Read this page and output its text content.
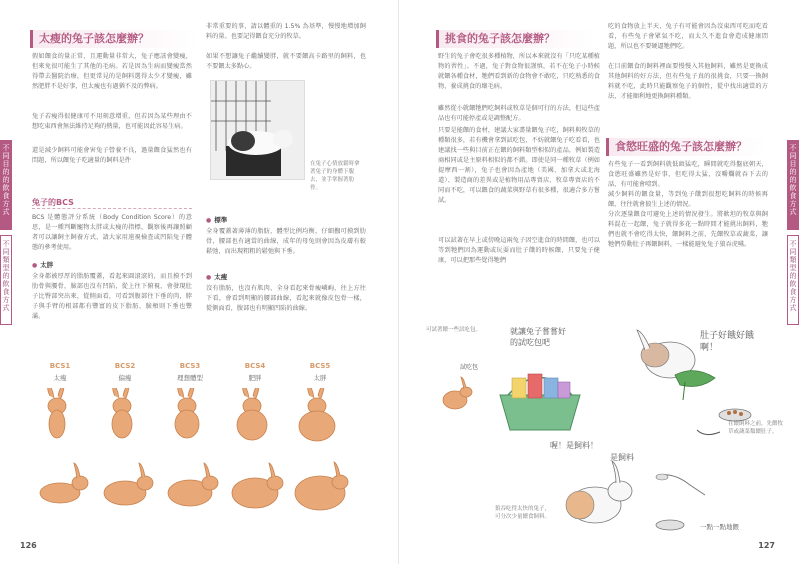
不同目的的飲食方式
不同類型的飲食方式
太瘦的兔子該怎麼辦？
假如餵食的量正常，且運動量非常大，兔子應該會變瘦，但來免很可能生了其他的毛病。若是因為生病而變瘦當然得帶去醫院治療，但更常見的是飼料選得太少才變瘦，雖然肥胖不是好事，但太瘦也有過猶不及的弊病。
兔子若瘦得很健康可不用刻意增重，但若因為某些理由不想吃東西會無法維持足夠的熱量，也可能因此容易生病。
還是減少飼料可能會害兔子營養不良，過量餵食猛然也有問題，所以餵兔子吃適量的飼料是件
非常重要的事，請以體重的 1.5% 為基準，慢慢地增加飼料的量。也要記得餵食充分的牧草。
如果不想讓兔子繼續變胖，就不要餵高卡路里的飼料，也不要餵太多點心。
在兔子心情放鬆時拿著兔子的身體下腹去，並手掌握著肋骨。
兔子的BCS
BCS 是體態評分系統（Body Condition Score）的意思，是一種判斷寵物太胖或太瘦的指標，觀察後再讓照顧者可以讓飼主飼養方式，請大家用遠視檢查或凹陷兔子體態的參考使用。
● 太胖
全身都被厚厚的脂肪覆蓋，看起來圓滾滾的，而且摸不到肋骨與腰骨，臉部也沒有凹陷，從上往下俯視，會發現肚子比臀部突出來，從側面看，可看到腹部往下垂的肉，脖子與手臂的根部都有豐富的皮下脂肪，臉頰則下垂也豐滿。
● 標準
全身覆蓋著薄薄的脂肪，體型比例均衡，仔細撫可摸到肋骨，腰部也有適當的曲線，成年的母兔則會因為皮膚有較鬆弛，而出現粗粗的鬆弛與下垂。
● 太瘦
沒有脂肪，也沒有肌肉，全身看起來骨瘦嶙峋，往上方往下看，會看到明顯的腰部曲線，看起來就像皮包骨一樣，從側面看，腹部也有明顯凹陷的曲線。
BCS1	BCS2	BCS3	BCS4	BCS5
太瘦	偏瘦	理想體型	肥胖	太胖
126
不同目的的飲食方式
不同類型的飲食方式
挑食的兔子該怎麼辦？
野生的兔子會吃很多種植物，所以本來就沒有「只吃某種植物的習性」。不過，兔子對食物很謹慎，若不在兔子小時候就餵各種食材，牠們看到新的食物會不敢吃，只吃熟悉的食物，養成挑食的壞毛病。
雖然從小就餵牠們吃飼料或牧草是個可行的方法，但這些產品也有可能停產或是調整配方。
只要是能餵的食材，建議大家盡量餵兔子吃，飼料與牧草的種類很多，若有機會拿到試吃包，不妨就餵兔子吃看看，也建議找一些與目前正在餵的飼料類型相似的產品，例如製造商相同或是主原料相似的都不錯。即使是同一種牧草（例如提摩西一割），兔子也會因為產地（美國、加拿大或北海道）、製造商的差異或是植物用品專賣店、牧草專賣店的不同而不吃，可以餵食的蔬菜與野草有很多種，很適合多方嘗試。
可以試著在早上或傍晚這兩兔子因空進食的時間餵，也可以等到牠們因為運動或玩耍而肚子餓的時候餵，只要兔子健康，可以把那些覺得牠們
吃的食物放上半天，兔子有可能會因為沒東西可吃而吃看看，有些兔子會眾氣不吃，而太久不進食會造成健康問題，所以也不要硬逼牠們吃。
在目前餵食的飼料裡面要慢慢入其他飼料，雖然是更換成其他飼料的好方法，但有些兔子真的很挑食，只要一換飼料就不吃，此時只能觀察兔子的個性，從中找出適當的方法，才能順利地更換飼料種類。
食慾旺盛的兔子該怎麼辦？
有些兔子一看到飼料就低頭猛吃，瞬間就吃得盤底朝天，食慾旺盛雖然是好事，但吃得太猛，沒嚼爛就吞下去的話，有可能會噎到。
減少飼料的餵食量，等到兔子餓到很想吃飼料的時候再餵，往往就會狼生上述的情況。
分次逐量餵食可避免上述的情況發生。將軟坦的牧草與飼料混在一起餵，兔子就得多花一點時間才能挑出飼料，牠們也就不會吃得太快，餵飼料之前，先餵牧草或蔬菜，讓牠們勞動肚子再餵飼料，一樣能避免兔子狼吞虎嚥。
可試著餵一些試吃包。	就讓兔子嘗嘗好的試吃包吧
試吃包
肚子好餓好餓啊！
在餵飼料之前，先餵牧草或蔬菜類餵肚子。
喔！是飼料！
是飼料
狼吞吃得太快的兔子，可分次少量餵食飼料。
一點一點地餵
127
